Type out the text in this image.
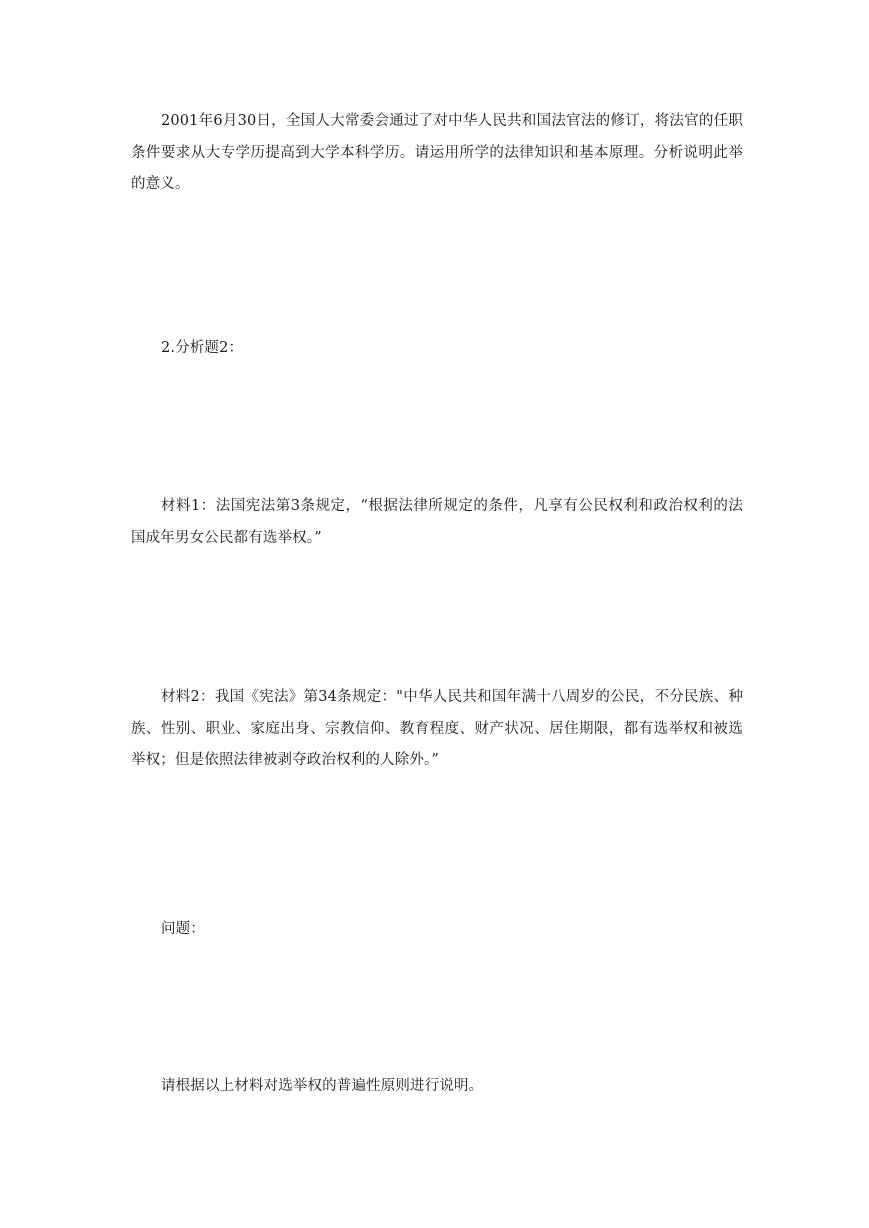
2001年6月30日，全国人大常委会通过了对中华人民共和国法官法的修订，将法官的任职条件要求从大专学历提高到大学本科学历。请运用所学的法律知识和基本原理。分析说明此举的意义。

2.分析题2：

材料1：法国宪法第3条规定，“根据法律所规定的条件，凡享有公民权利和政治权利的法国成年男女公民都有选举权。”

材料2：我国《宪法》第34条规定："中华人民共和国年满十八周岁的公民，不分民族、种族、性别、职业、家庭出身、宗教信仰、教育程度、财产状况、居住期限，都有选举权和被选举权；但是依照法律被剥夺政治权利的人除外。”

问题：

请根据以上材料对选举权的普遍性原则进行说明。
